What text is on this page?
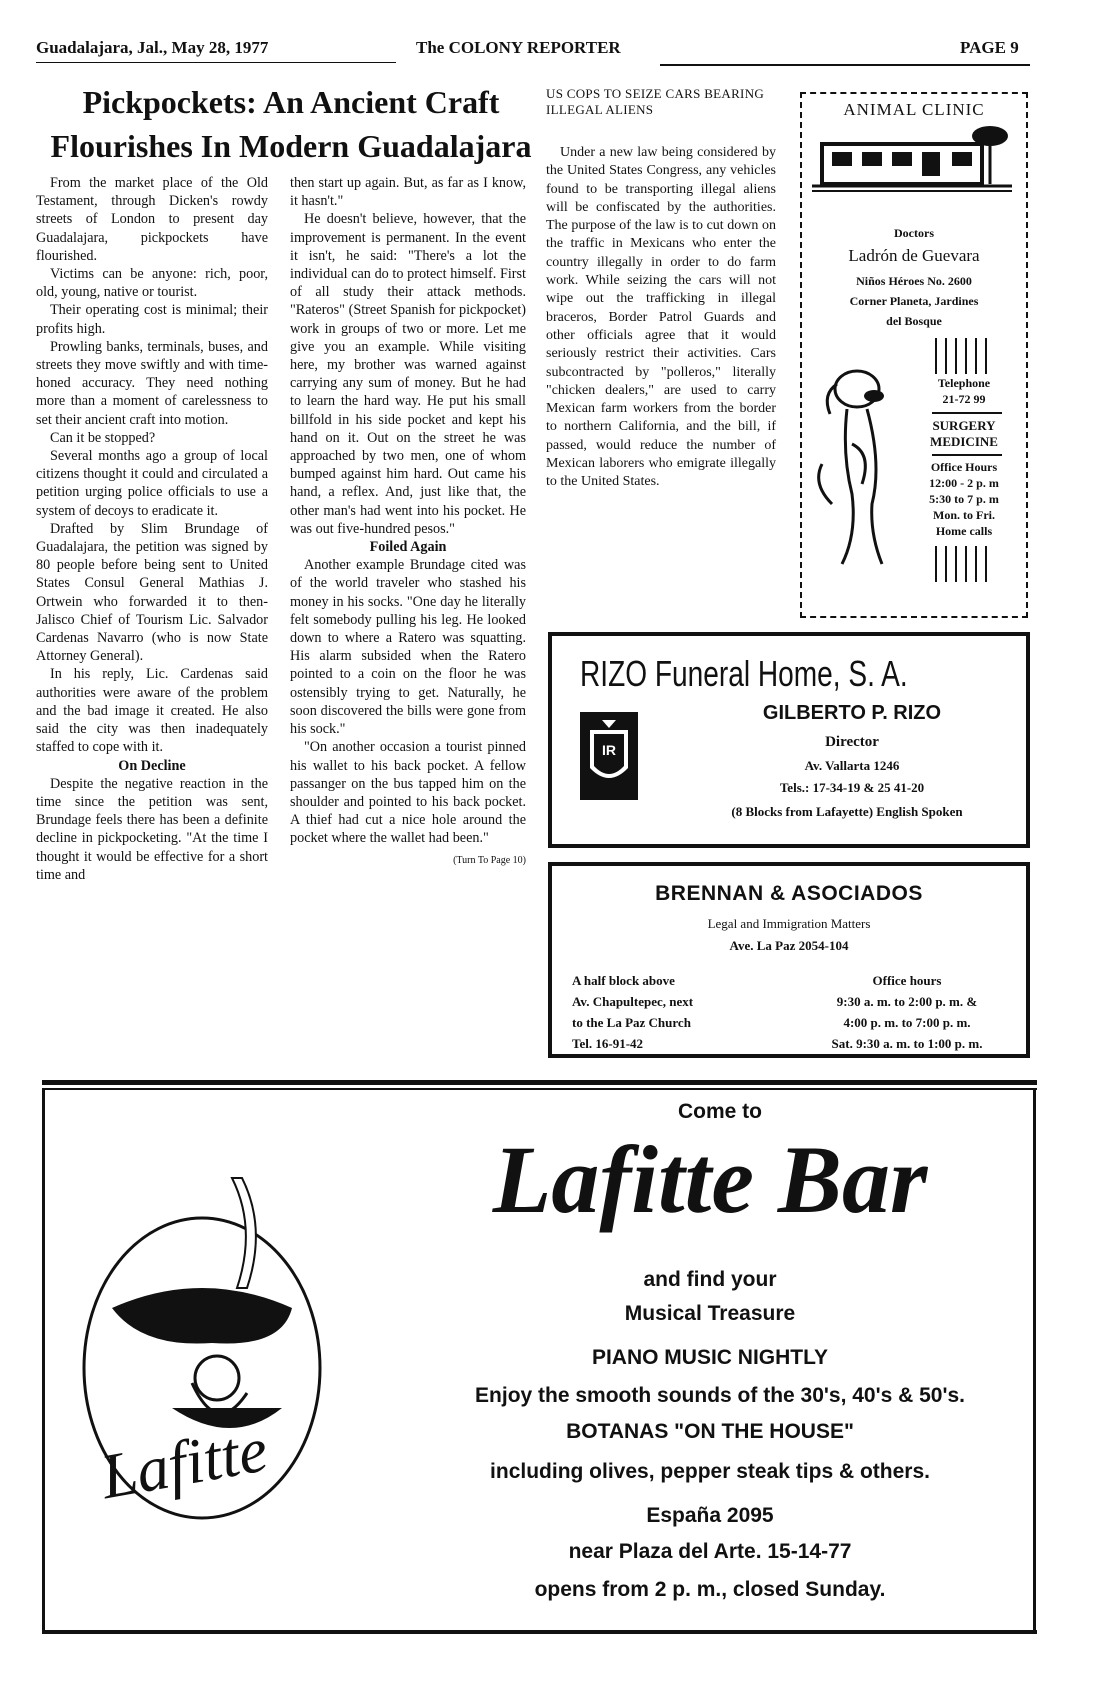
Guadalajara, Jal., May 28, 1977	The COLONY REPORTER	PAGE 9
Pickpockets: An Ancient Craft
Flourishes In Modern Guadalajara

From the market place of the Old Testament, through Dicken's rowdy streets of London to present day Guadalajara, pickpockets have flourished.

Victims can be anyone: rich, poor, old, young, native or tourist.

Their operating cost is minimal; their profits high.

Prowling banks, terminals, buses, and streets they move swiftly and with time-honed accuracy. They need nothing more than a moment of carelessness to set their ancient craft into motion.

Can it be stopped?

Several months ago a group of local citizens thought it could and circulated a petition urging police officials to use a system of decoys to eradicate it.

Drafted by Slim Brundage of Guadalajara, the petition was signed by 80 people before being sent to United States Consul General Mathias J. Ortwein who forwarded it to then-Jalisco Chief of Tourism Lic. Salvador Cardenas Navarro (who is now State Attorney General).

In his reply, Lic. Cardenas said authorities were aware of the problem and the bad image it created. He also said the city was then inadequately staffed to cope with it.

On Decline

Despite the negative reaction in the time since the petition was sent, Brundage feels there has been a definite decline in pickpocketing. "At the time I thought it would be effective for a short time and

then start up again. But, as far as I know, it hasn't."

He doesn't believe, however, that the improvement is permanent. In the event it isn't, he said: "There's a lot the individual can do to protect himself. First of all study their attack methods. "Rateros" (Street Spanish for pickpocket) work in groups of two or more. Let me give you an example. While visiting here, my brother was warned against carrying any sum of money. But he had to learn the hard way. He put his small billfold in his side pocket and kept his hand on it. Out on the street he was approached by two men, one of whom bumped against him hard. Out came his hand, a reflex. And, just like that, the other man's had went into his pocket. He was out five-hundred pesos."

Foiled Again

Another example Brundage cited was of the world traveler who stashed his money in his socks. "One day he literally felt somebody pulling his leg. He looked down to where a Ratero was squatting. His alarm subsided when the Ratero pointed to a coin on the floor he was ostensibly trying to get. Naturally, he soon discovered the bills were gone from his sock."

"On another occasion a tourist pinned his wallet to his back pocket. A fellow passanger on the bus tapped him on the shoulder and pointed to his back pocket. A thief had cut a nice hole around the pocket where the wallet had been."

(Turn To Page 10)

US COPS TO SEIZE CARS BEARING ILLEGAL ALIENS

Under a new law being considered by the United States Congress, any vehicles found to be transporting illegal aliens will be confiscated by the authorities. The purpose of the law is to cut down on the traffic in Mexicans who enter the country illegally in order to do farm work. While seizing the cars will not wipe out the trafficking in illegal braceros, Border Patrol Guards and other officials agree that it would seriously restrict their activities. Cars subcontracted by "polleros," literally "chicken dealers," are used to carry Mexican farm workers from the border to northern California, and the bill, if passed, would reduce the number of Mexican laborers who emigrate illegally to the United States.

ANIMAL CLINIC
Doctors
Ladrón de Guevara
Niños Héroes No. 2600
Corner Planeta, Jardines
del Bosque
Telephone
21-72 99
SURGERY
MEDICINE
Office Hours
12:00 - 2 p. m
5:30 to 7 p. m
Mon. to Fri.
Home calls
RIZO Funeral Home, S. A.
GILBERTO P. RIZO
Director
Av. Vallarta 1246
Tels.: 17-34-19 & 25 41-20
(8 Blocks from Lafayette) English Spoken
IR
BRENNAN & ASOCIADOS
Legal and Immigration Matters
Ave. La Paz 2054-104
A half block above
Av. Chapultepec, next
to the La Paz Church
Tel. 16-91-42
Office hours
9:30 a. m. to 2:00 p. m. &
4:00 p. m. to 7:00 p. m.
Sat. 9:30 a. m. to 1:00 p. m.
Come to
Lafitte Bar
Lafitte
and find your
Musical Treasure
PIANO MUSIC NIGHTLY
Enjoy the smooth sounds of the 30's, 40's & 50's.
BOTANAS "ON THE HOUSE"
including olives, pepper steak tips & others.
España 2095
near Plaza del Arte. 15-14-77
opens from 2 p. m., closed Sunday.
